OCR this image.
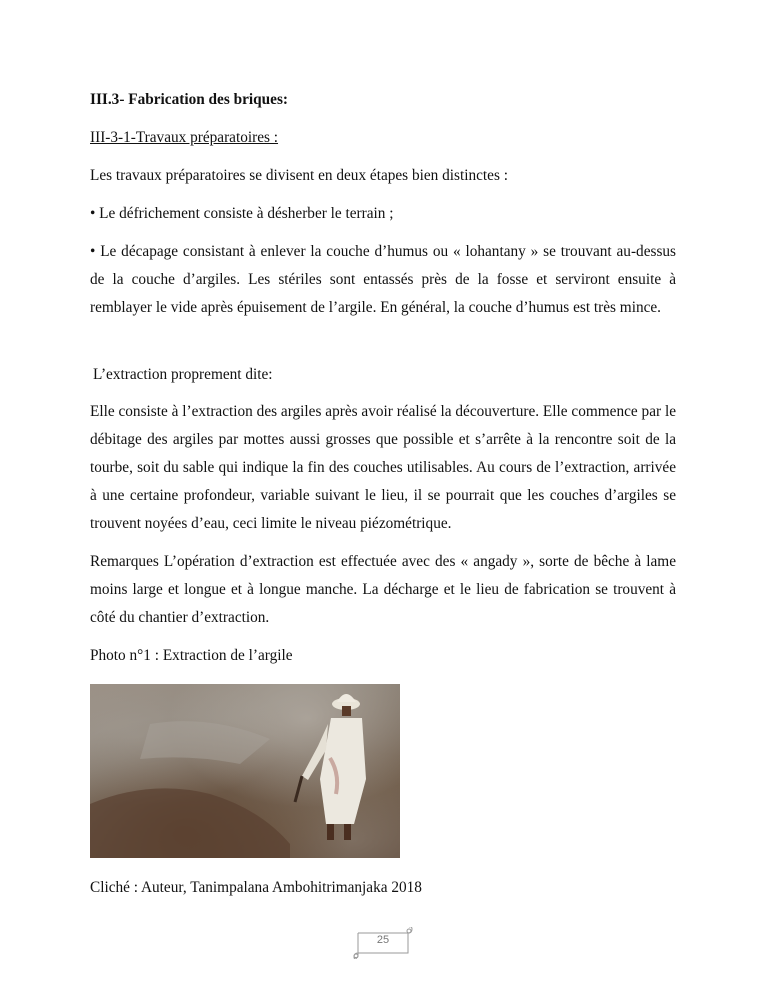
III.3- Fabrication des briques:
III-3-1-Travaux préparatoires :
Les travaux préparatoires se divisent en deux étapes bien distinctes :
• Le défrichement consiste à désherber le terrain ;
• Le décapage consistant à enlever la couche d’humus ou « lohantany » se trouvant au-dessus de la couche d’argiles. Les stériles sont entassés près de la fosse et serviront ensuite à remblayer le vide après épuisement de l’argile. En général, la couche d’humus est très mince.
L’extraction proprement dite:
Elle consiste à l’extraction des argiles après avoir réalisé la découverture. Elle commence par le débitage des argiles par mottes aussi grosses que possible et s’arrête à la rencontre soit de la tourbe, soit du sable qui indique la fin des couches utilisables. Au cours de l’extraction, arrivée à une certaine profondeur, variable suivant le lieu, il se pourrait que les couches d’argiles se trouvent noyées d’eau, ceci limite le niveau piézométrique.
Remarques L’opération d’extraction est effectuée avec des « angady », sorte de bêche à lame moins large et longue et à longue manche. La décharge et le lieu de fabrication se trouvent à côté du chantier d’extraction.
Photo n°1 : Extraction de l’argile
Cliché : Auteur, Tanimpalana Ambohitrimanjaka 2018
25
